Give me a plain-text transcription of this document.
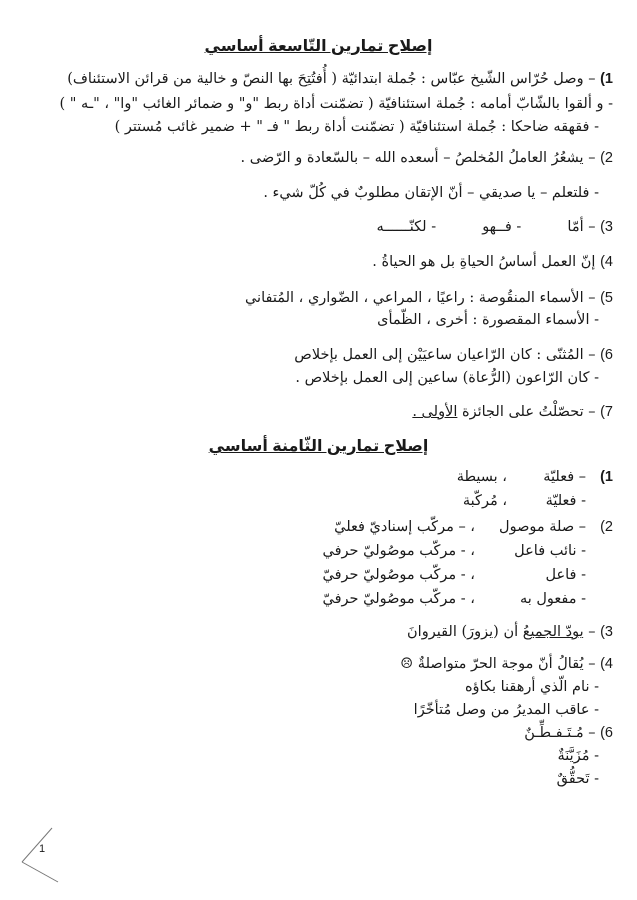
إصلاح تمارين التّاسعة أساسي
1) – وصل حُرّاس الشّيخ عبّاس : جُملة ابتدائيّة ( أُفتُتِحَ بها النصّ و خالية من قرائن الاستئناف)
- و ألقوا بالشّابّ أمامه : جُملة استئنافيّة ( تضمّنت أداة ربط "و" و ضمائر الغائب "وا" ، "ـه " )
- فقهقه ضاحكا : جُملة استئنافيّة ( تضمّنت أداة ربط " فـ " + ضمير غائب مُستتر )
2) – يشعُرُ العاملُ المُخلصُ – أسعده الله – بالسّعادة و الرّضى .
- فلتعلم – يا صديقي – أنّ الإتقان مطلوبٌ في كُلّ شيء .
3) – أمّا          - فــهو          - لكنّــــــه
4) إنّ العمل أساسُ الحياةِ بل هو الحياةُ .
5) – الأسماء المنقُوصة : راعيًا ، المراعي ، الضّواري ، المُتفاني
- الأسماء المقصورة : أخرى ، الظّمأى
6) – المُثنّى : كان الرّاعيان ساعيَيْن إلى العمل بإخلاص
- كان الرّاعون (الرُّعاة) ساعين إلى العمل بإخلاص .
7) – تحصّلْتُ على الجائزة الأولى .
إصلاح تمارين الثّامنة أساسي
1)
– فعليّة
، بسيطة
- فعليّة
، مُركّبة
2)
– صلة موصول
، – مركّب إسناديّ فعليّ
- نائب فاعل
، - مركّب موصُوليّ حرفي
- فاعل
، - مركّب موصُوليّ حرفيّ
- مفعول به
، - مركّب موصُوليّ حرفيّ
3) – يودّ الجميعُ أن (يزورَ) القيروانَ
4) – يُقالُ أنّ موجة الحرّ متواصلةٌ ☹
- نام الّذي أرهقنا بكاؤه
- عاقب المديرُ من وصل مُتأخّرًا
6) – مُـتَـفـطِّـنٌ
- مُزَيَّنَةٌ
- تَحقُّقٌ
1
